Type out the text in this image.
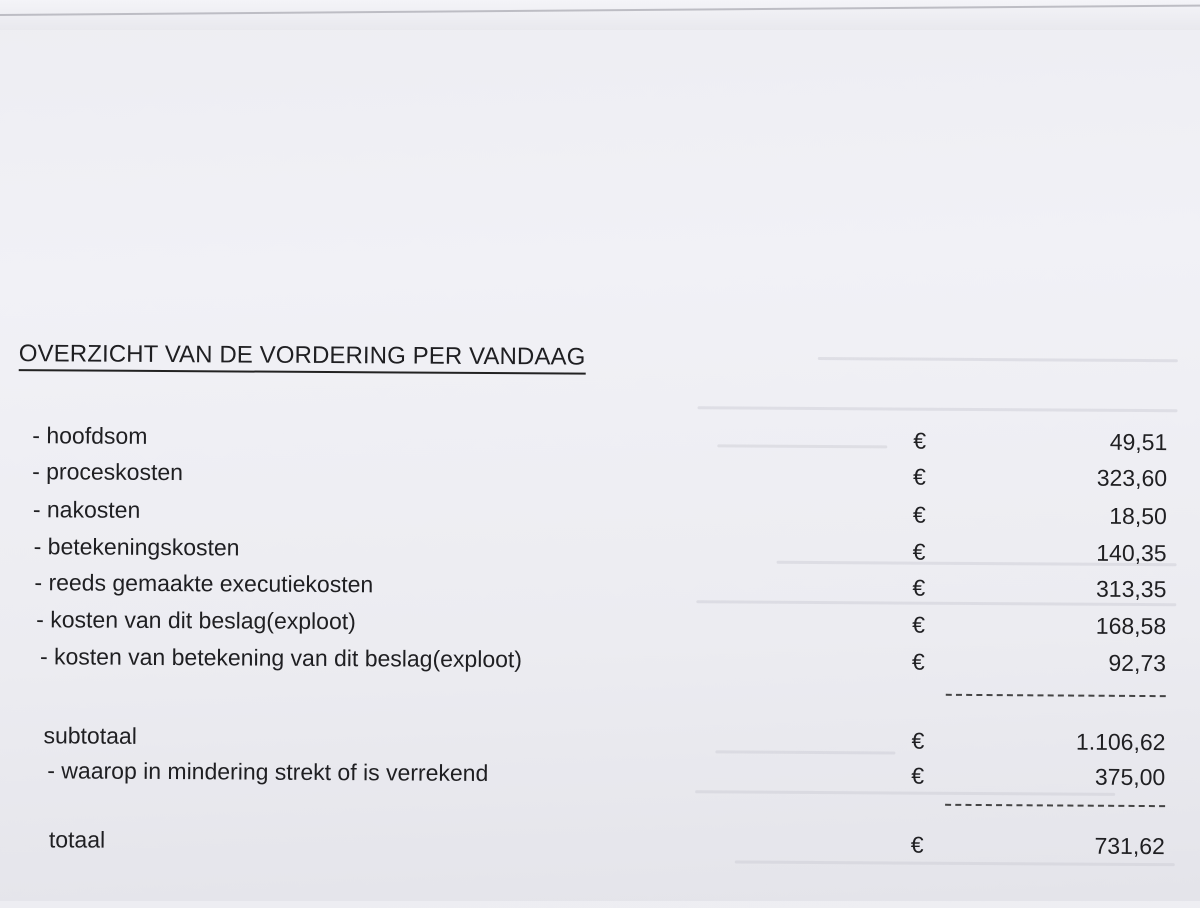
OVERZICHT VAN DE VORDERING PER VANDAAG
- hoofdsom	€	49,51
- proceskosten	€	323,60
- nakosten	€	18,50
- betekeningskosten	€	140,35
- reeds gemaakte executiekosten	€	313,35
- kosten van dit beslag(exploot)	€	168,58
- kosten van betekening van dit beslag(exploot)	€	92,73
subtotaal	€	1.106,62
- waarop in mindering strekt of is verrekend	€	375,00
totaal	€	731,62
